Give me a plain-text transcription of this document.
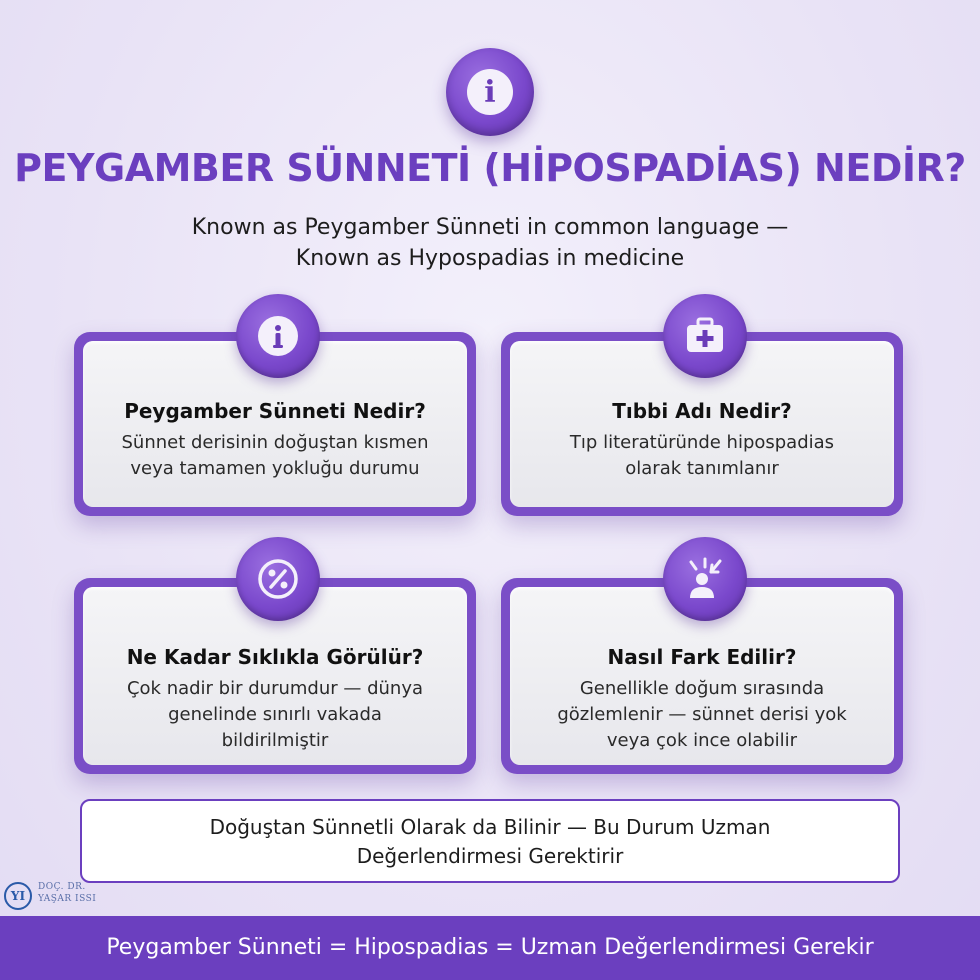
i
PEYGAMBER SÜNNETİ (HİPOSPADİAS) NEDİR?
Known as Peygamber Sünneti in common language —
Known as Hypospadias in medicine
Peygamber Sünneti Nedir?
Sünnet derisinin doğuştan kısmen
veya tamamen yokluğu durumu
Tıbbi Adı Nedir?
Tıp literatüründe hipospadias
olarak tanımlanır
Ne Kadar Sıklıkla Görülür?
Çok nadir bir durumdur — dünya
genelinde sınırlı vakada
bildirilmiştir
Nasıl Fark Edilir?
Genellikle doğum sırasında
gözlemlenir — sünnet derisi yok
veya çok ince olabilir
Doğuştan Sünnetli Olarak da Bilinir — Bu Durum Uzman
Değerlendirmesi Gerektirir
YI
DOÇ. DR.
YAŞAR ISSI
Peygamber Sünneti = Hipospadias = Uzman Değerlendirmesi Gerekir
